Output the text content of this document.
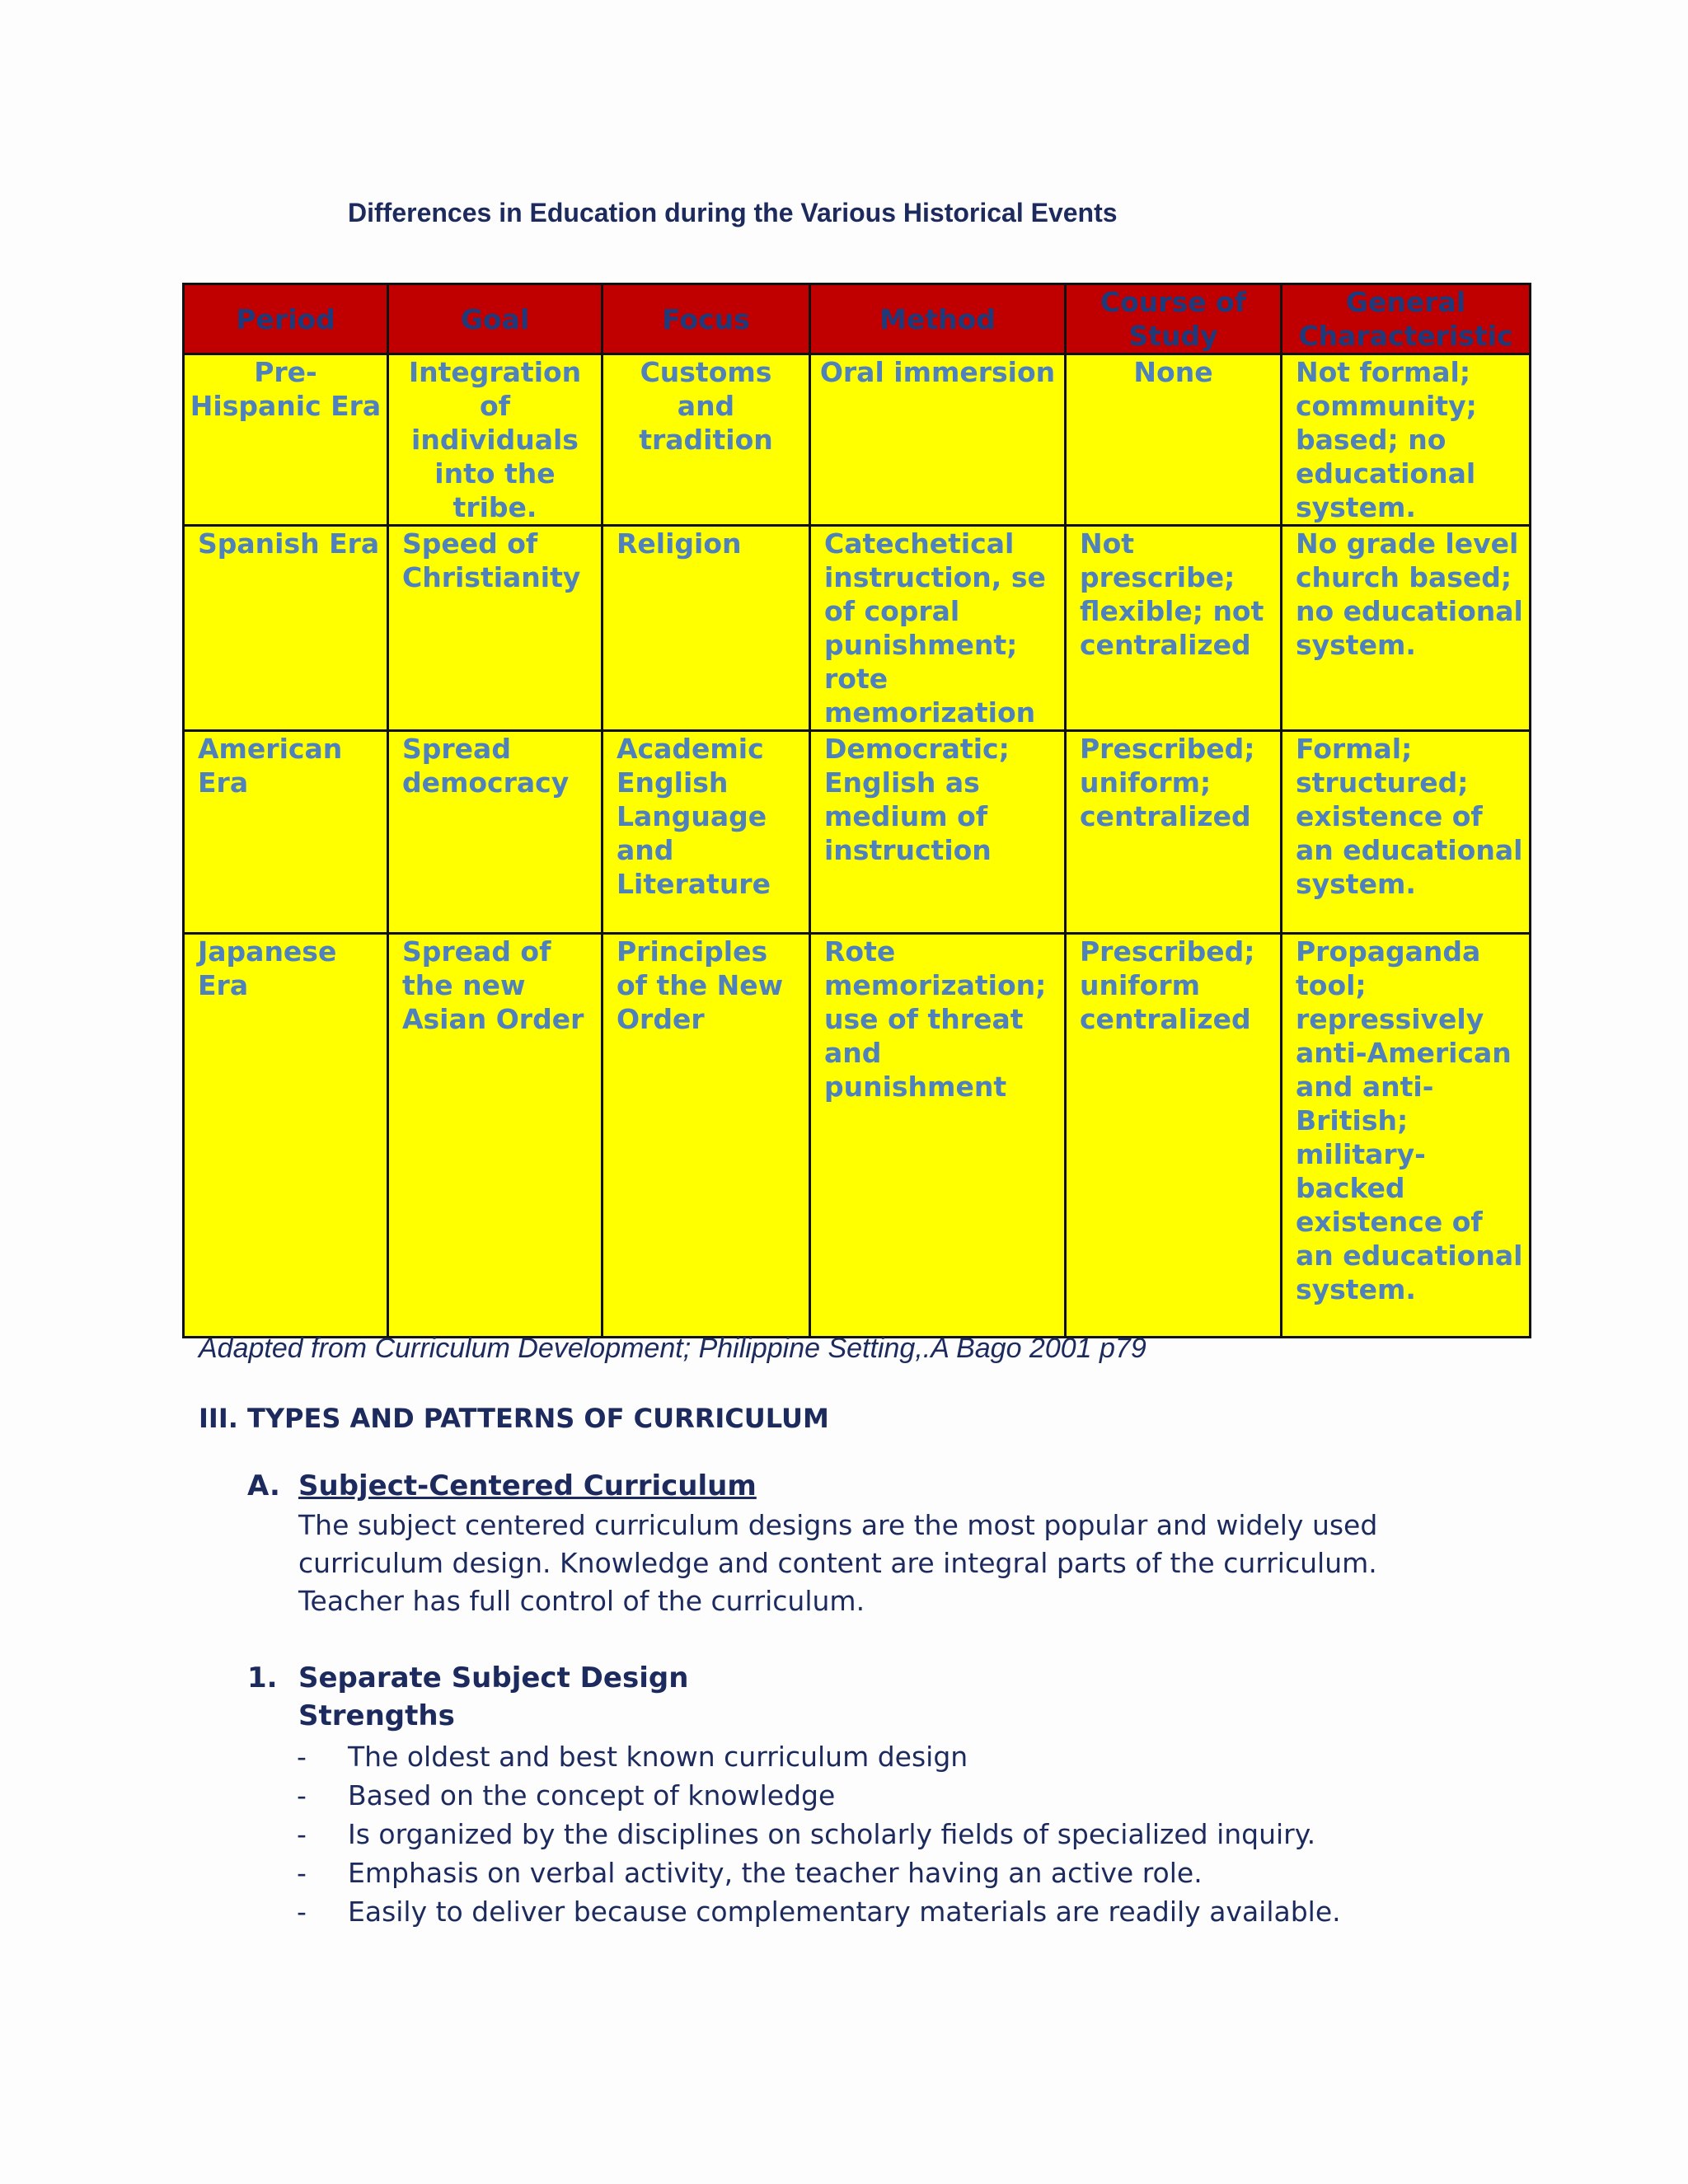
Differences in Education during the Various Historical Events
Period	Goal	Focus	Method	Course of Study	General Characteristic
Pre-Hispanic Era	Integration of individuals into the tribe.	Customs and tradition	Oral immersion	None	Not formal; community; based; no educational system.
Spanish Era	Speed of Christianity	Religion	Catechetical instruction, se of copral punishment; rote memorization	Not prescribe; flexible; not centralized	No grade level church based; no educational system.
American Era	Spread democracy	Academic English Language and Literature	Democratic; English as medium of instruction	Prescribed; uniform; centralized	Formal; structured; existence of an educational system.
Japanese Era	Spread of the new Asian Order	Principles of the New Order	Rote memorization; use of threat and punishment	Prescribed; uniform centralized	Propaganda tool; repressively anti-American and anti-British; military-backed existence of an educational system.
Adapted from Curriculum Development; Philippine Setting,.A Bago 2001 p79
III. TYPES AND PATTERNS OF CURRICULUM
A. Subject-Centered Curriculum
The subject centered curriculum designs are the most popular and widely used
curriculum design. Knowledge and content are integral parts of the curriculum.
Teacher has full control of the curriculum.
1. Separate Subject Design
Strengths
- The oldest and best known curriculum design
- Based on the concept of knowledge
- Is organized by the disciplines on scholarly fields of specialized inquiry.
- Emphasis on verbal activity, the teacher having an active role.
- Easily to deliver because complementary materials are readily available.
